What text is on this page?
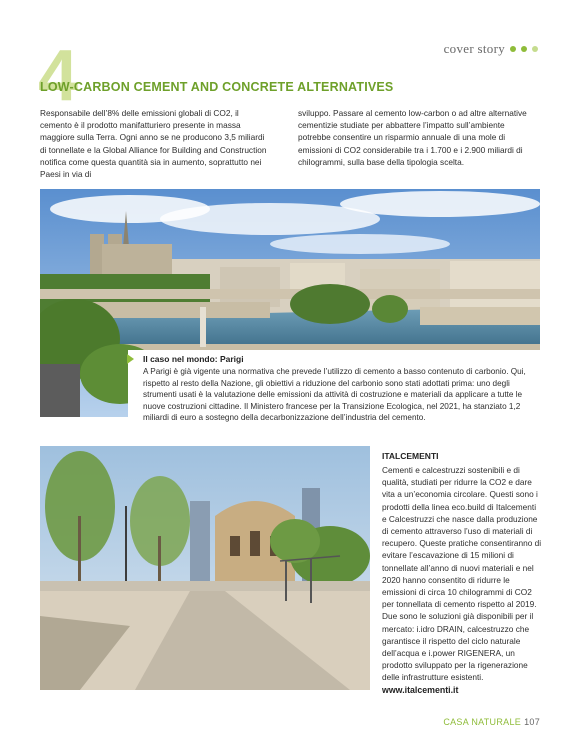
cover story
4
LOW-CARBON CEMENT AND CONCRETE ALTERNATIVES
Responsabile dell’8% delle emissioni globali di CO2, il cemento è il prodotto manifatturiero presente in massa maggiore sulla Terra. Ogni anno se ne producono 3,5 miliardi di tonnellate e la Global Alliance for Building and Construction notifica come questa quantità sia in aumento, soprattutto nei Paesi in via di
sviluppo. Passare al cemento low-carbon o ad altre alternative cementizie studiate per abbattere l’impatto sull’ambiente potrebbe consentire un risparmio annuale di una mole di emissioni di CO2 considerabile tra i 1.700 e i 2.900 miliardi di chilogrammi, sulla base della tipologia scelta.
Il caso nel mondo: Parigi
A Parigi è già vigente una normativa che prevede l’utilizzo di cemento a basso contenuto di carbonio. Qui, rispetto al resto della Nazione, gli obiettivi a riduzione del carbonio sono stati adottati prima: uno degli strumenti usati è la valutazione delle emissioni da attività di costruzione e materiali da applicare a tutte le nuove costruzioni cittadine. Il Ministero francese per la Transizione Ecologica, nel 2021, ha stanziato 1,2 miliardi di euro a sostegno della decarbonizzazione dell’industria del cemento.
ITALCEMENTI
Cementi e calcestruzzi sostenibili e di qualità, studiati per ridurre la CO2 e dare vita a un’economia circolare. Questi sono i prodotti della linea eco.build di Italcementi e Calcestruzzi che nasce dalla produzione di cemento attraverso l’uso di materiali di recupero. Queste pratiche consentiranno di evitare l’escavazione di 15 milioni di tonnellate all’anno di nuovi materiali e nel 2020 hanno consentito di ridurre le emissioni di circa 10 chilogrammi di CO2 per tonnellata di cemento rispetto al 2019. Due sono le soluzioni già disponibili per il mercato: i.idro DRAIN, calcestruzzo che garantisce il rispetto del ciclo naturale dell’acqua e i.power RIGENERA, un prodotto sviluppato per la rigenerazione delle infrastrutture esistenti.
www.italcementi.it
CASA NATURALE 107
